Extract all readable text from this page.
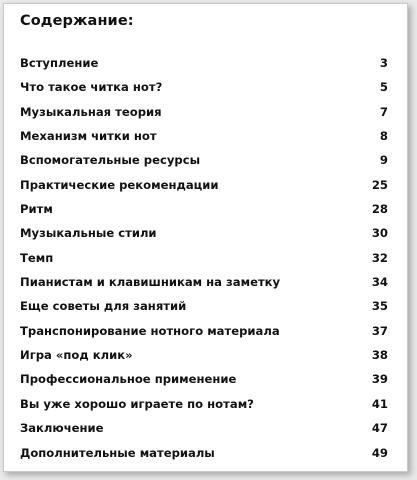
Содержание:
Вступление	3
Что такое читка нот?	5
Музыкальная теория	7
Механизм читки нот	8
Вспомогательные ресурсы	9
Практические рекомендации	25
Ритм	28
Музыкальные стили	30
Темп	32
Пианистам и клавишникам на заметку	34
Еще советы для занятий	35
Транспонирование нотного материала	37
Игра «под клик»	38
Профессиональное применение	39
Вы уже хорошо играете по нотам?	41
Заключение	47
Дополнительные материалы	49
